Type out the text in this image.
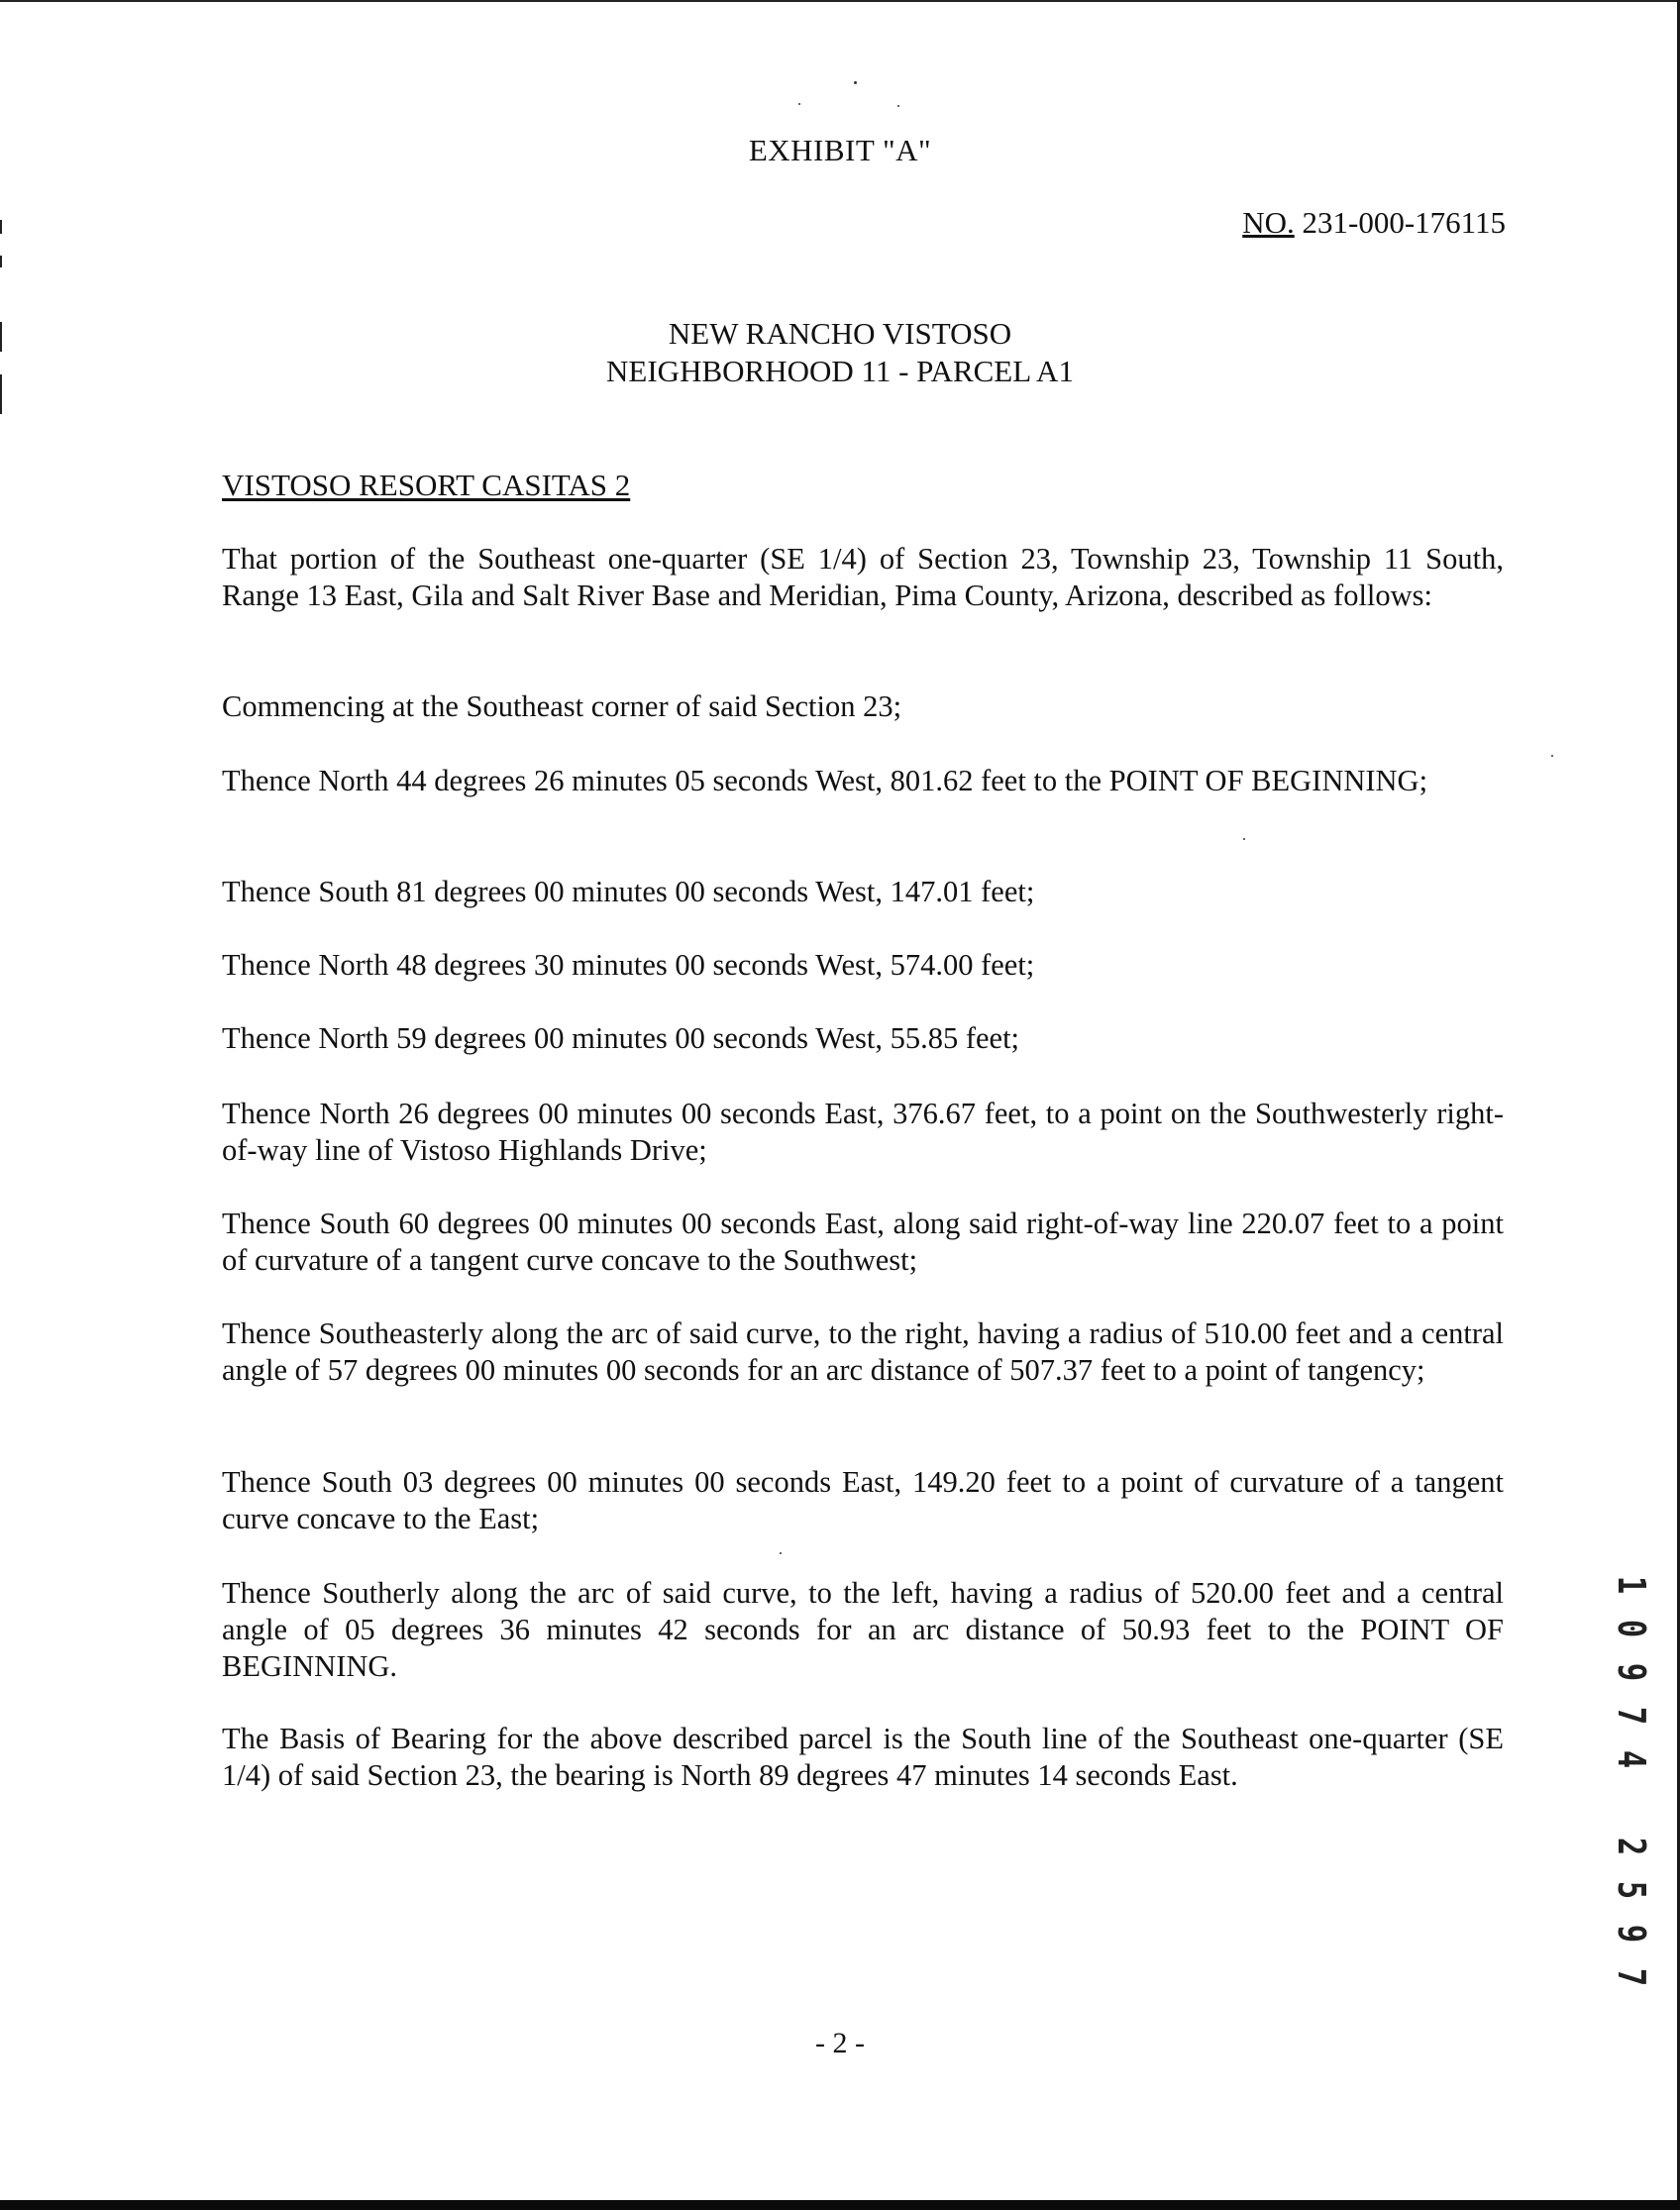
EXHIBIT "A"
NO. 231-000-176115
NEW RANCHO VISTOSO
NEIGHBORHOOD 11 - PARCEL A1
VISTOSO RESORT CASITAS 2

That portion of the Southeast one-quarter (SE 1/4) of Section 23, Township 23, Township 11 South, Range 13 East, Gila and Salt River Base and Meridian, Pima County, Arizona, described as follows:

Commencing at the Southeast corner of said Section 23;

Thence North 44 degrees 26 minutes 05 seconds West, 801.62 feet to the POINT OF BEGINNING;

Thence South 81 degrees 00 minutes 00 seconds West, 147.01 feet;

Thence North 48 degrees 30 minutes 00 seconds West, 574.00 feet;

Thence North 59 degrees 00 minutes 00 seconds West, 55.85 feet;

Thence North 26 degrees 00 minutes 00 seconds East, 376.67 feet, to a point on the Southwesterly right-of-way line of Vistoso Highlands Drive;

Thence South 60 degrees 00 minutes 00 seconds East, along said right-of-way line 220.07 feet to a point of curvature of a tangent curve concave to the Southwest;

Thence Southeasterly along the arc of said curve, to the right, having a radius of 510.00 feet and a central angle of 57 degrees 00 minutes 00 seconds for an arc distance of 507.37 feet to a point of tangency;

Thence South 03 degrees 00 minutes 00 seconds East, 149.20 feet to a point of curvature of a tangent curve concave to the East;

Thence Southerly along the arc of said curve, to the left, having a radius of 520.00 feet and a central angle of 05 degrees 36 minutes 42 seconds for an arc distance of 50.93 feet to the POINT OF BEGINNING.

The Basis of Bearing for the above described parcel is the South line of the Southeast one-quarter (SE 1/4) of said Section 23, the bearing is North 89 degrees 47 minutes 14 seconds East.

- 2 -
1
0
9
7
4
2
5
9
7
